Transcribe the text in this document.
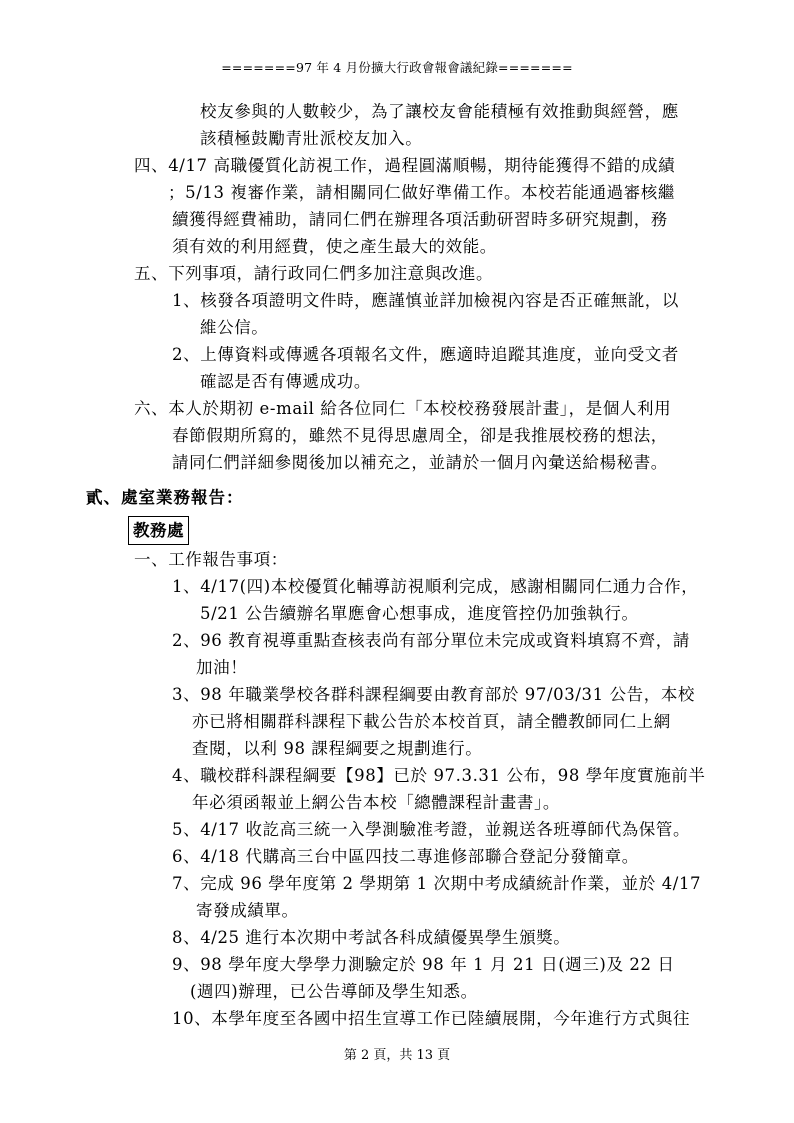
=======97 年 4 月份擴大行政會報會議紀錄=======
校友參與的人數較少，為了讓校友會能積極有效推動與經營，應
該積極鼓勵青壯派校友加入。
四、4/17 高職優質化訪視工作，過程圓滿順暢，期待能獲得不錯的成績
；5/13 複審作業，請相關同仁做好準備工作。本校若能通過審核繼
續獲得經費補助，請同仁們在辦理各項活動研習時多研究規劃，務
須有效的利用經費，使之產生最大的效能。
五、下列事項，請行政同仁們多加注意與改進。
1、核發各項證明文件時，應謹慎並詳加檢視內容是否正確無訛，以
維公信。
2、上傳資料或傳遞各項報名文件，應適時追蹤其進度，並向受文者
確認是否有傳遞成功。
六、本人於期初 e-mail 給各位同仁「本校校務發展計畫」，是個人利用
春節假期所寫的，雖然不見得思慮周全，卻是我推展校務的想法，
請同仁們詳細參閱後加以補充之，並請於一個月內彙送給楊秘書。
貳、處室業務報告：
教務處
一、工作報告事項：
1、4/17(四)本校優質化輔導訪視順利完成，感謝相關同仁通力合作，
5/21 公告續辦名單應會心想事成，進度管控仍加強執行。
2、96 教育視導重點查核表尚有部分單位未完成或資料填寫不齊，請
加油！
3、98 年職業學校各群科課程綱要由教育部於 97/03/31 公告，本校
亦已將相關群科課程下載公告於本校首頁，請全體教師同仁上網
查閱，以利 98 課程綱要之規劃進行。
4、職校群科課程綱要【98】已於 97.3.31 公布，98 學年度實施前半
年必須函報並上網公告本校「總體課程計畫書」。
5、4/17 收訖高三統一入學測驗准考證，並親送各班導師代為保管。
6、4/18 代購高三台中區四技二專進修部聯合登記分發簡章。
7、完成 96 學年度第 2 學期第 1 次期中考成績統計作業，並於 4/17
寄發成績單。
8、4/25 進行本次期中考試各科成績優異學生頒獎。
9、98 學年度大學學力測驗定於 98 年 1 月 21 日(週三)及 22 日
(週四)辦理，已公告導師及學生知悉。
10、本學年度至各國中招生宣導工作已陸續展開，今年進行方式與往
第 2 頁，共 13 頁
